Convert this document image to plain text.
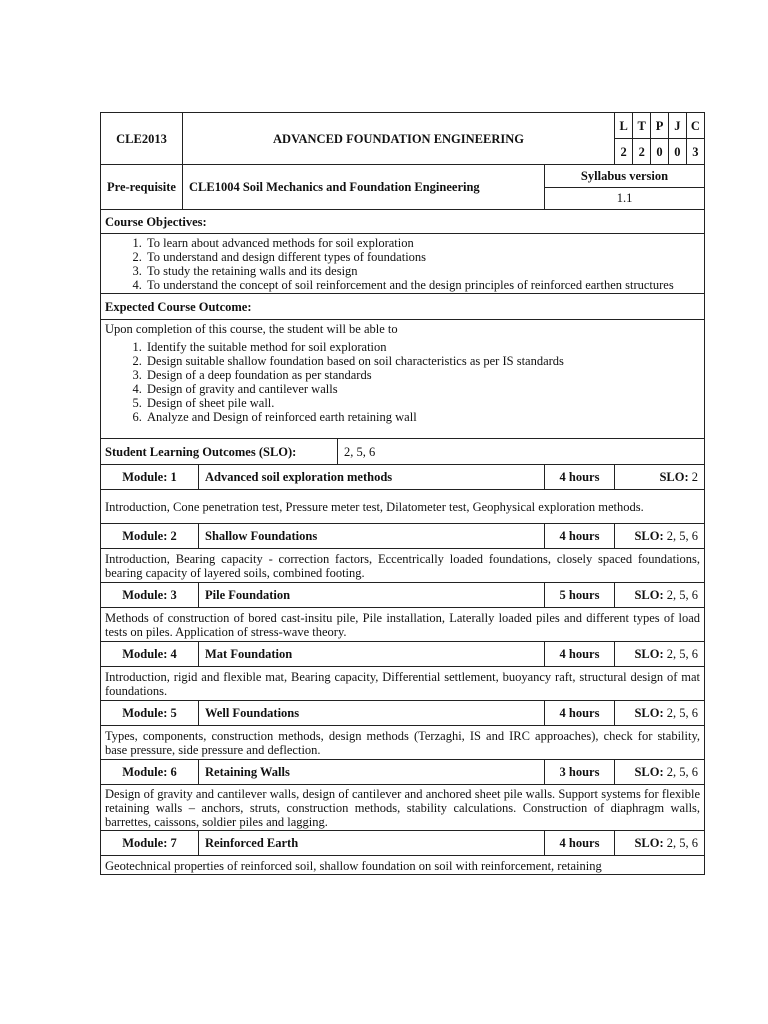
CLE2013	ADVANCED FOUNDATION ENGINEERING	
L	T	P	J	C
2	2	0	0	3

Pre-requisite	CLE1004 Soil Mechanics and Foundation Engineering	
Syllabus version
1.1

Course Objectives:

1. To learn about advanced methods for soil exploration
2. To understand and design different types of foundations
3. To study the retaining walls and its design
4. To understand the concept of soil reinforcement and the design principles of reinforced earthen structures

Expected Course Outcome:

Upon completion of this course, the student will be able to
1. Identify the suitable method for soil exploration
2. Design suitable shallow foundation based on soil characteristics as per IS standards
3. Design of a deep foundation as per standards
4. Design of gravity and cantilever walls
5. Design of sheet pile wall.
6. Analyze and Design of reinforced earth retaining wall

Student Learning Outcomes (SLO):	2, 5, 6
Module: 1	Advanced soil exploration methods	4 hours	SLO: 2
Introduction, Cone penetration test, Pressure meter test, Dilatometer test, Geophysical exploration methods.
Module: 2	Shallow Foundations	4 hours	SLO: 2, 5, 6
Introduction, Bearing capacity - correction factors, Eccentrically loaded foundations, closely spaced foundations, bearing capacity of layered soils, combined footing.
Module: 3	Pile Foundation	5 hours	SLO: 2, 5, 6
Methods of construction of bored cast-insitu pile, Pile installation, Laterally loaded piles and different types of load tests on piles. Application of stress-wave theory.
Module: 4	Mat Foundation	4 hours	SLO: 2, 5, 6
Introduction, rigid and flexible mat, Bearing capacity, Differential settlement, buoyancy raft, structural design of mat foundations.
Module: 5	Well Foundations	4 hours	SLO: 2, 5, 6
Types, components, construction methods, design methods (Terzaghi, IS and IRC approaches), check for stability, base pressure, side pressure and deflection.
Module: 6	Retaining Walls	3 hours	SLO: 2, 5, 6
Design of gravity and cantilever walls, design of cantilever and anchored sheet pile walls. Support systems for flexible retaining walls – anchors, struts, construction methods, stability calculations. Construction of diaphragm walls, barrettes, caissons, soldier piles and lagging.
Module: 7	Reinforced Earth	4 hours	SLO: 2, 5, 6
Geotechnical properties of reinforced soil, shallow foundation on soil with reinforcement, retaining
